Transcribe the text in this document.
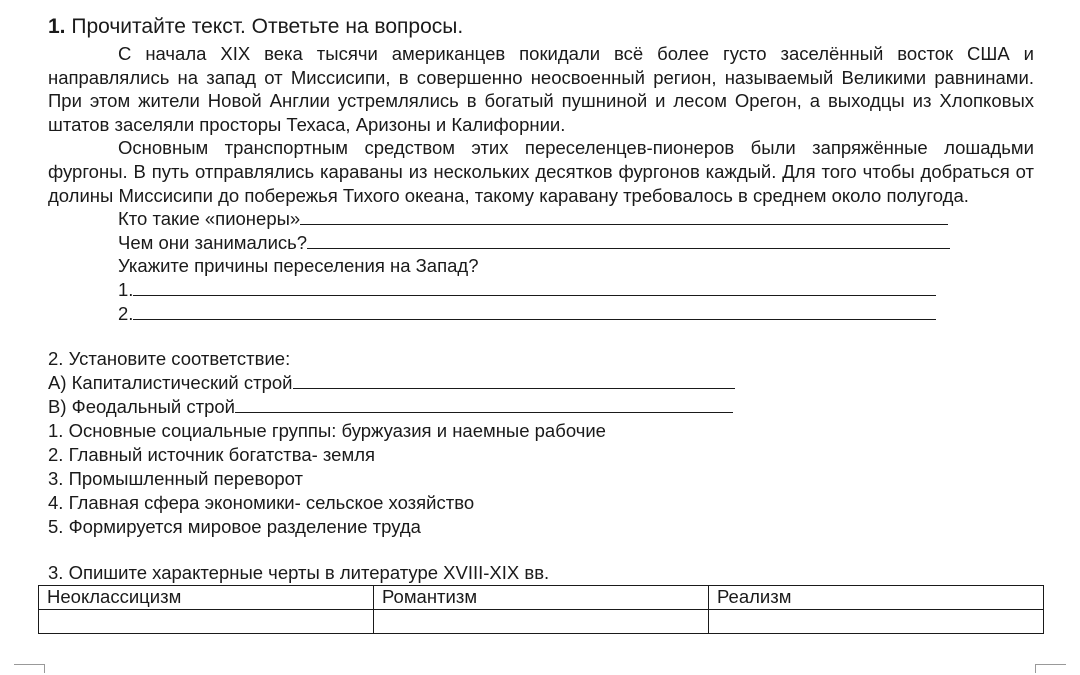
1. Прочитайте текст. Ответьте на вопросы.

С начала XIX века тысячи американцев покидали всё более густо заселённый восток США и направлялись на запад от Миссисипи, в совершенно неосвоенный регион, называемый Великими равнинами. При этом жители Новой Англии устремлялись в богатый пушниной и лесом Орегон, а выходцы из Хлопковых штатов заселяли просторы Техаса, Аризоны и Калифорнии.

Основным транспортным средством этих переселенцев-пионеров были запряжённые лошадьми фургоны. В путь отправлялись караваны из нескольких десятков фургонов каждый. Для того чтобы добраться от долины Миссисипи до побережья Тихого океана, такому каравану требовалось в среднем около полугода.

Кто такие «пионеры»
Чем они занимались?
Укажите причины переселения на Запад?
1.
2.
2. Установите соответствие:
А) Капиталистический строй
В) Феодальный строй
1. Основные социальные группы: буржуазия и наемные рабочие
2. Главный источник богатства- земля
3. Промышленный переворот
4. Главная сфера экономики- сельское хозяйство
5. Формируется мировое разделение труда
3. Опишите характерные черты в литературе XVIII-XIX вв.
Неоклассицизм	Романтизм	Реализм
